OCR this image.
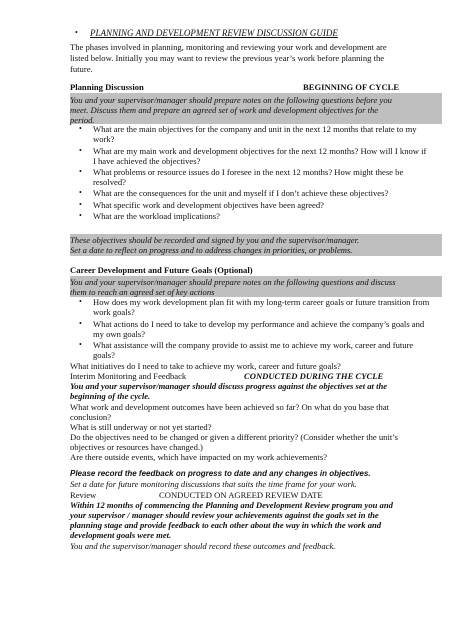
• PLANNING AND DEVELOPMENT REVIEW DISCUSSION GUIDE
The phases involved in planning, monitoring and reviewing your work and development are
listed below. Initially you may want to review the previous year’s work before planning the
future.
Planning Discussion	BEGINNING OF CYCLE
You and your supervisor/manager should prepare notes on the following questions before you
meet. Discuss them and prepare an agreed set of work and development objectives for the
period.
• What are the main objectives for the company and unit in the next 12 months that relate to my
work?
• What are my main work and development objectives for the next 12 months? How will I know if
I have achieved the objectives?
• What problems or resource issues do I foresee in the next 12 months? How might these be
resolved?
• What are the consequences for the unit and myself if I don’t achieve these objectives?
• What specific work and development objectives have been agreed?
• What are the workload implications?
These objectives should be recorded and signed by you and the supervisor/manager.
Set a date to reflect on progress and to address changes in priorities, or problems.
Career Development and Future Goals (Optional)
You and your supervisor/manager should prepare notes on the following questions and discuss
them to reach an agreed set of key actions
• How does my work development plan fit with my long-term career goals or future transition from
work goals?
• What actions do I need to take to develop my performance and achieve the company’s goals and
my own goals?
• What assistance will the company provide to assist me to achieve my work, career and future
goals?
What initiatives do I need to take to achieve my work, career and future goals?
Interim Monitoring and Feedback	CONDUCTED DURING THE CYCLE
You and your supervisor/manager should discuss progress against the objectives set at the
beginning of the cycle.
What work and development outcomes have been achieved so far? On what do you base that
conclusion?
What is still underway or not yet started?
Do the objectives need to be changed or given a different priority? (Consider whether the unit’s
objectives or resources have changed.)
Are there outside events, which have impacted on my work achievements?
Please record the feedback on progress to date and any changes in objectives.
Set a date for future monitoring discussions that suits the time frame for your work.
Review	CONDUCTED ON AGREED REVIEW DATE
Within 12 months of commencing the Planning and Development Review program you and
your supervisor / manager should review your achievements against the goals set in the
planning stage and provide feedback to each other about the way in which the work and
development goals were met.
You and the supervisor/manager should record these outcomes and feedback.
